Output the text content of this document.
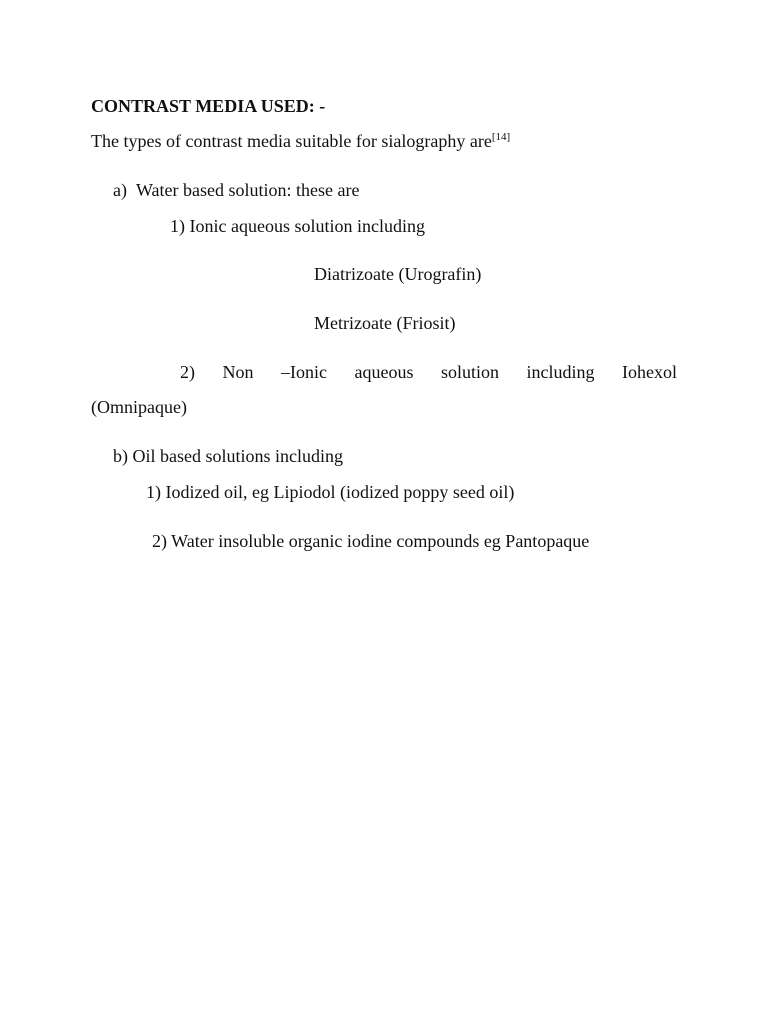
CONTRAST MEDIA USED: -
The types of contrast media suitable for sialography are[14]
a) Water based solution: these are
1) Ionic aqueous solution including
Diatrizoate (Urografin)
Metrizoate (Friosit)
2) Non –Ionic aqueous solution including Iohexol
(Omnipaque)
b) Oil based solutions including
1) Iodized oil, eg Lipiodol (iodized poppy seed oil)
2) Water insoluble organic iodine compounds eg Pantopaque
